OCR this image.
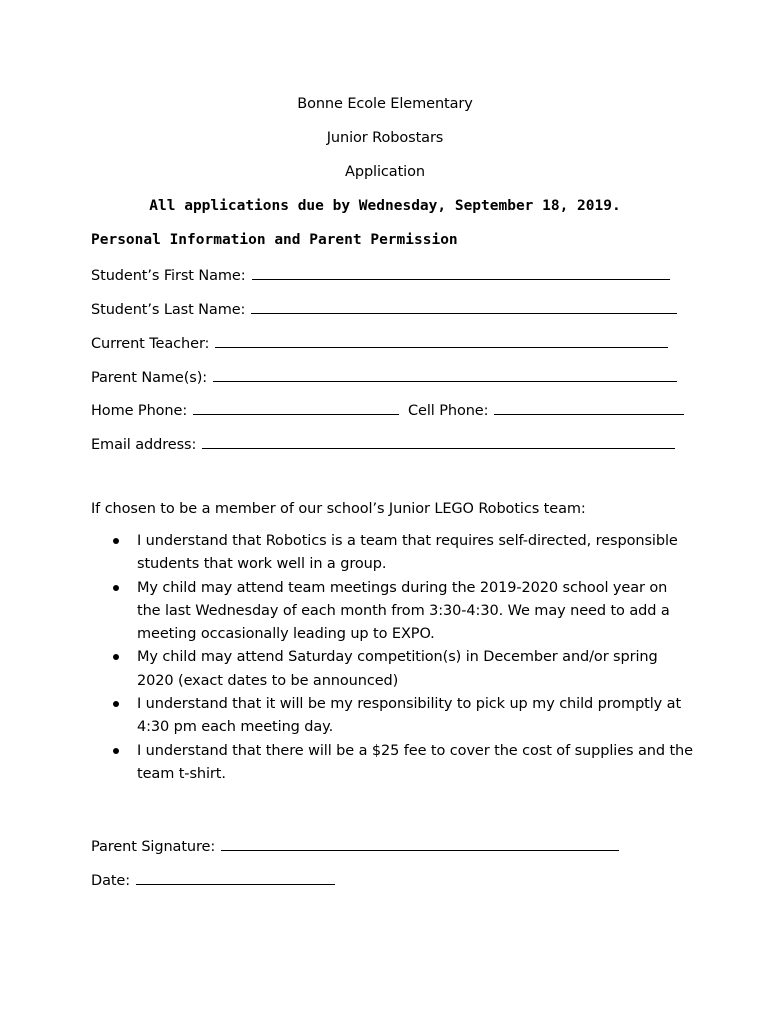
Bonne Ecole Elementary
Junior Robostars
Application
All applications due by Wednesday, September 18, 2019.
Personal Information and Parent Permission
Student’s First Name:
Student’s Last Name:
Current Teacher:
Parent Name(s):
Home Phone:	Cell Phone:
Email address:
If chosen to be a member of our school’s Junior LEGO Robotics team:
I understand that Robotics is a team that requires self-directed, responsible students that work well in a group.
My child may attend team meetings during the 2019-2020 school year on the last Wednesday of each month from 3:30-4:30. We may need to add a meeting occasionally leading up to EXPO.
My child may attend Saturday competition(s) in December and/or spring 2020 (exact dates to be announced)
I understand that it will be my responsibility to pick up my child promptly at 4:30 pm each meeting day.
I understand that there will be a $25 fee to cover the cost of supplies and the team t-shirt.
Parent Signature:
Date:
